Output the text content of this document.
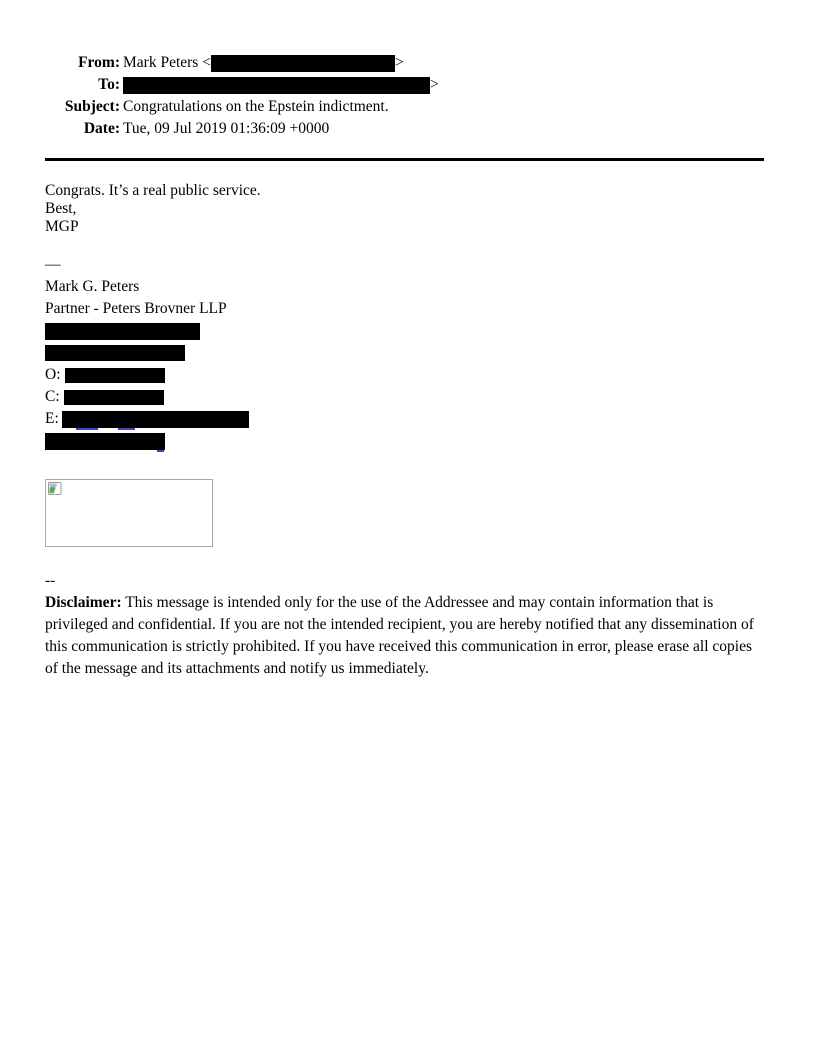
From: Mark Peters <	>
To:	>
Subject: Congratulations on the Epstein indictment.
Date: Tue, 09 Jul 2019 01:36:09 +0000
Congrats. It’s a real public service.
Best,
MGP
—
Mark G. Peters
Partner - Peters Brovner LLP
O:
C:
E:
--

Disclaimer: This message is intended only for the use of the Addressee and may contain information that is privileged and confidential. If you are not the intended recipient, you are hereby notified that any dissemination of this communication is strictly prohibited. If you have received this communication in error, please erase all copies of the message and its attachments and notify us immediately.
